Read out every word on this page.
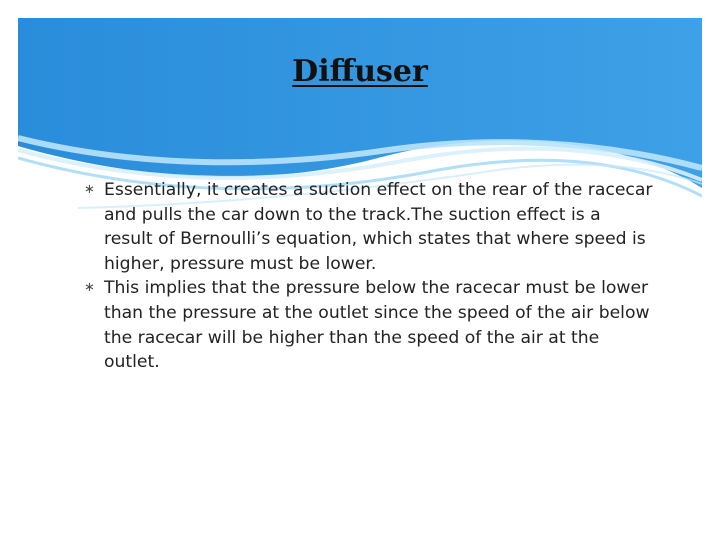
Diffuser
∗ Essentially, it creates a suction effect on the rear of the racecar and pulls the car down to the track.The suction effect is a result of Bernoulli’s equation, which states that where speed is higher, pressure must be lower.
∗ This implies that the pressure below the racecar must be lower than the pressure at the outlet since the speed of the air below the racecar will be higher than the speed of the air at the outlet.
